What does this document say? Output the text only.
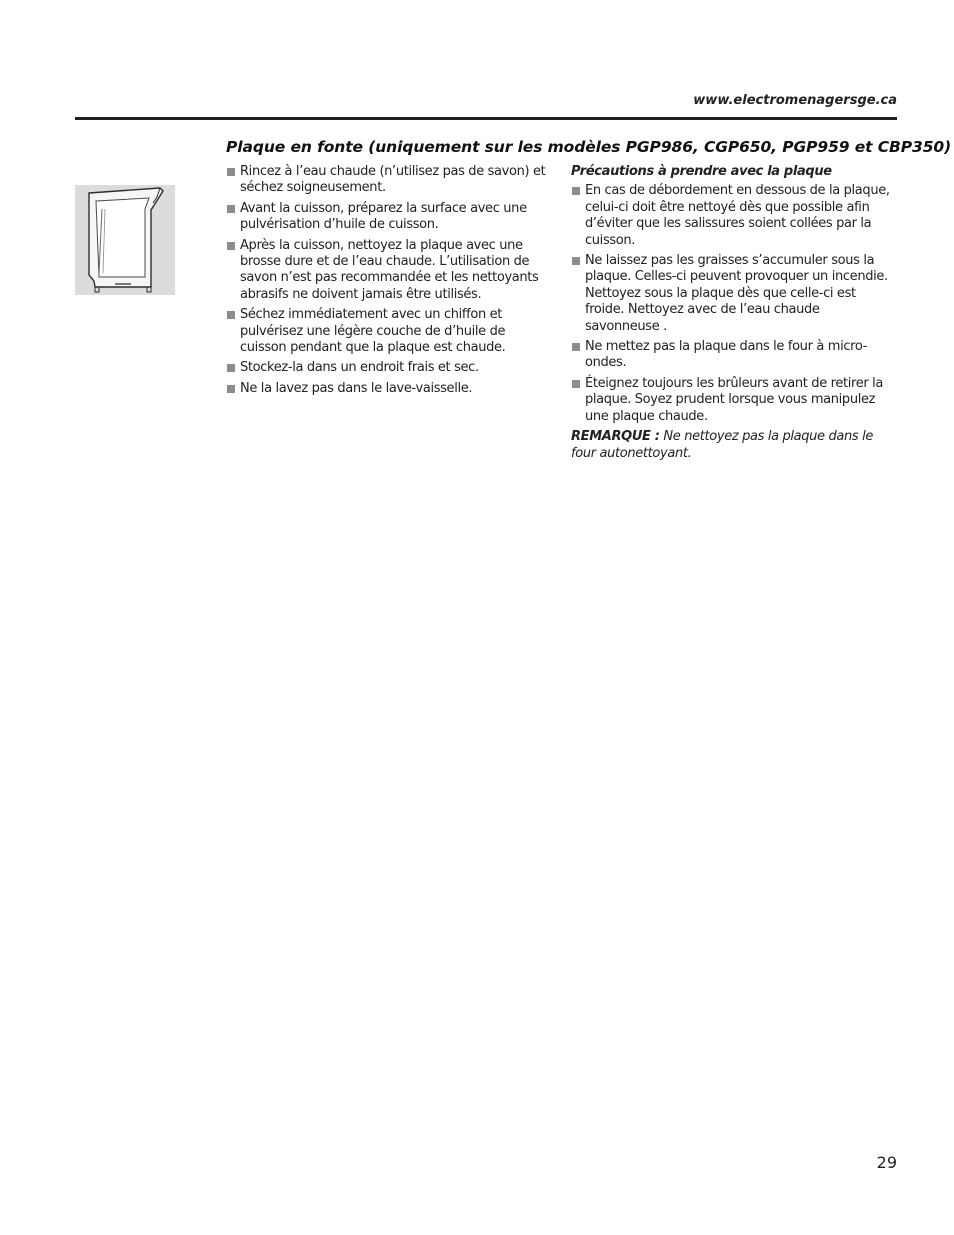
www.electromenagersge.ca
Plaque en fonte (uniquement sur les modèles PGP986, CGP650, PGP959 et CBP350)
Rincez à l’eau chaude (n’utilisez pas de savon) et séchez soigneusement.
Avant la cuisson, préparez la surface avec une pulvérisation d’huile de cuisson.
Après la cuisson, nettoyez la plaque avec une brosse dure et de l’eau chaude. L’utilisation de savon n’est pas recommandée et les nettoyants abrasifs ne doivent jamais être utilisés.
Séchez immédiatement avec un chiffon et pulvérisez une légère couche de d’huile de cuisson pendant que la plaque est chaude.
Stockez-la dans un endroit frais et sec.
Ne la lavez pas dans le lave-vaisselle.
Précautions à prendre avec la plaque
En cas de débordement en dessous de la plaque, celui-ci doit être nettoyé dès que possible afin d’éviter que les salissures soient collées par la cuisson.
Ne laissez pas les graisses s’accumuler sous la plaque. Celles-ci peuvent provoquer un incendie. Nettoyez sous la plaque dès que celle-ci est froide. Nettoyez avec de l’eau chaude savonneuse .
Ne mettez pas la plaque dans le four à micro-ondes.
Éteignez toujours les brûleurs avant de retirer la plaque. Soyez prudent lorsque vous manipulez une plaque chaude.
REMARQUE : Ne nettoyez pas la plaque dans le four autonettoyant.
29
